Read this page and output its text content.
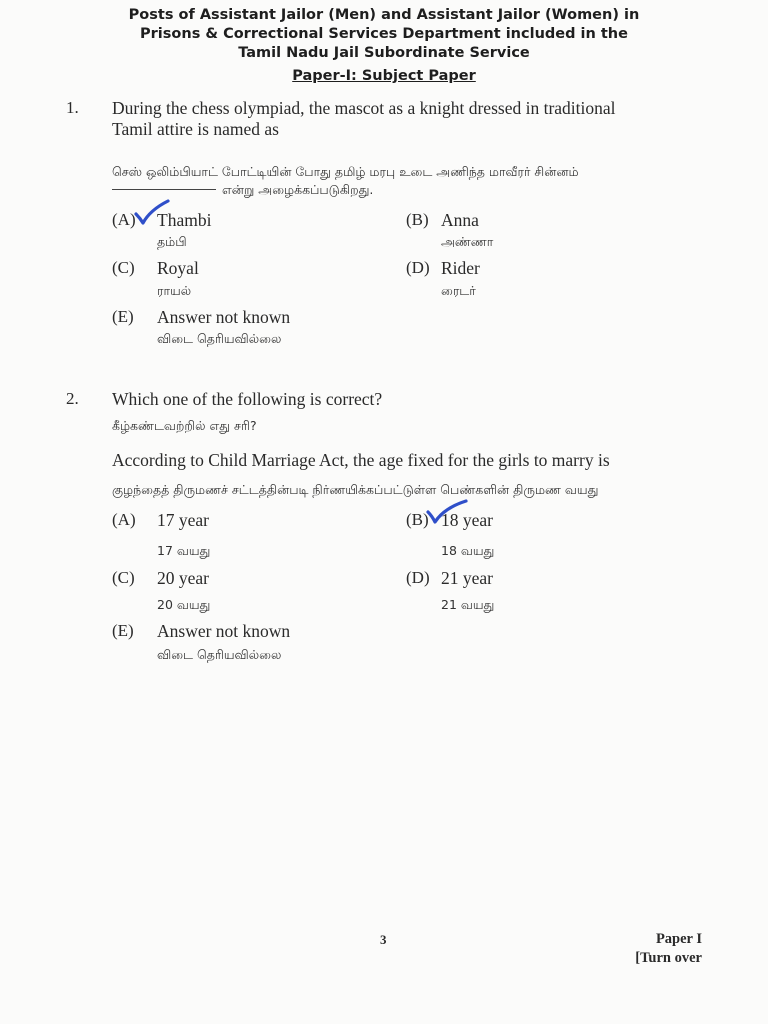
Posts of Assistant Jailor (Men) and Assistant Jailor (Women) in
Prisons & Correctional Services Department included in the
Tamil Nadu Jail Subordinate Service
Paper-I: Subject Paper
1. During the chess olympiad, the mascot as a knight dressed in traditional
Tamil attire is named as
செஸ் ஒலிம்பியாட் போட்டியின் போது தமிழ் மரபு உடை அணிந்த மாவீரர் சின்னம்
என்று அழைக்கப்படுகிறது.
(A) Thambi
தம்பி
(B) Anna
அண்ணா
(C) Royal
ராயல்
(D) Rider
ரைடர்
(E) Answer not known
விடை தெரியவில்லை
2. Which one of the following is correct?
கீழ்கண்டவற்றில் எது சரி?
According to Child Marriage Act, the age fixed for the girls to marry is
குழந்தைத் திருமணச் சட்டத்தின்படி நிர்ணயிக்கப்பட்டுள்ள பெண்களின் திருமண வயது
(A) 17 year
17 வயது
(B) 18 year
18 வயது
(C) 20 year
20 வயது
(D) 21 year
21 வயது
(E) Answer not known
விடை தெரியவில்லை
3	Paper I
[Turn over
